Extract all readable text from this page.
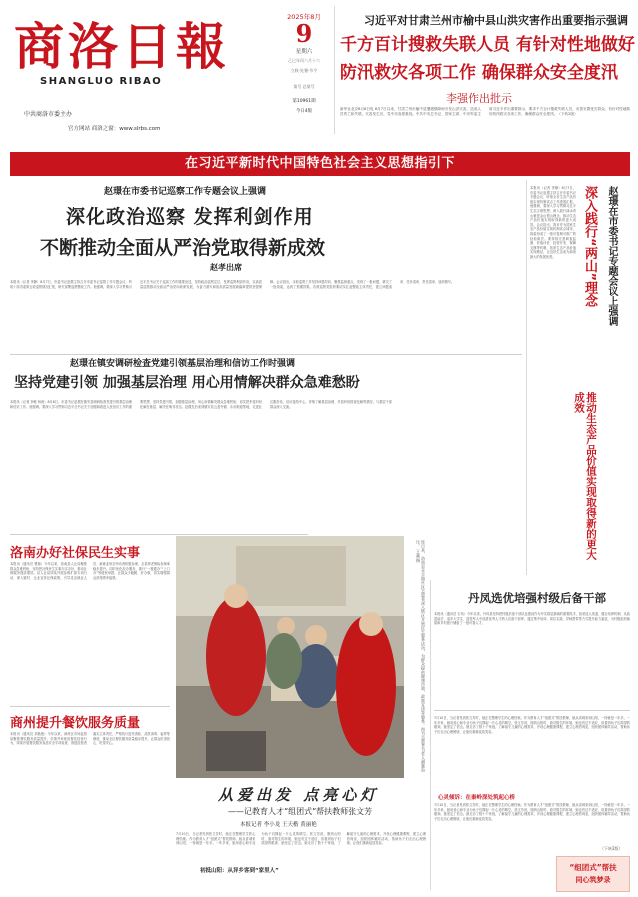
商洛日報
SHANGLUO RIBAO
中共商洛市委主办
官方网站 商洛之窗：www.slrbs.com
2025年8月
9
星期六
乙巳年闰六月十六
立秋·处暑·节令
第号 总第号
第10961期
今日4版
习近平对甘肃兰州市榆中县山洪灾害作出重要指示强调
千方百计搜救失联人员 有针对性地做好
防汛救灾各项工作 确保群众安全度汛
李强作出批示
新华社北京8月8日电 8月7日以来，甘肃兰州市榆中县遭遇强降雨引发山洪灾害，造成人员伤亡和失联。灾害发生后，党中央高度重视。中共中央总书记、国家主席、中央军委主席习近平作出重要指示，要求千方百计搜救失联人员，妥善安置受灾群众，有针对性地做好防汛救灾各项工作，确保群众安全度汛。（下转2版）
在习近平新时代中国特色社会主义思想指引下
赵璟在市委书记巡察工作专题会议上强调
深化政治巡察 发挥利剑作用
不断推动全面从严治党取得新成效
赵孝出席
本报讯（记者 李静）8月7日，市委书记赵璟主持召开市委书记巡察工作专题会议，听取十届市委第五轮巡察情况汇报，研究部署巡察整改工作。他强调，要深入学习贯彻习近平总书记关于巡视工作的重要论述，坚持政治巡察定位，发挥巡察利剑作用，以高质量巡察推动全面从严治党向纵深发展，为奋力谱写商洛高质量发展新篇章提供坚强保障。会议指出，本轮巡察工作坚持问题导向，聚焦监督重点，发现了一批问题，移交了一批线索，达到了预期效果。各被巡察党组织要切实扛起整改主体责任，建立问题清单、任务清单、责任清单，逐项销号。
赵璟在镇安调研检查党建引领基层治理和信访工作时强调
坚持党建引领 加强基层治理 用心用情解决群众急难愁盼
本报讯（记者 李敏 杨涛）8月8日，市委书记赵璟在镇安县调研检查党建引领基层治理和信访工作。他强调，要深入学习贯彻习近平总书记关于加强和改进人民信访工作的重要思想，坚持党建引领，加强基层治理，用心用情解决群众急难愁盼，切实把矛盾纠纷化解在基层、解决在萌芽状态。赵璟先后来到镇安县云盖寺镇、永乐街道等地，走进社区服务站、信访接待中心，详细了解基层治理、矛盾纠纷排查化解等情况，与基层干部群众深入交流。
本报讯（记者 李静）8月7日，市委书记赵璟主持召开市委书记专题会议，听取全市生态产品价值实现机制试点工作进展汇报。他强调，要深入学习贯彻习近平生态文明思想，深入践行绿水青山就是金山银山理念，推动生态产品价值实现取得新的更大成效。会议指出，我市作为国家生态产品价值实现机制试点城市，探索形成了一批可复制可推广的经验做法。要持续完善调查监测、价值评价、经营开发、保障支撑等机制，拓宽生态产品价值实现路径，让良好生态成为商洛最大的发展优势。	深入践行“两山”理念
推动生态产品价值实现取得新的更大成效
赵璟在市委书记专题会议上强调
洛南办好社保民生实事
本报讯（通讯员 曹瑞）今年以来，洛南县人社局聚焦群众急难愁盼，坚持把社保民生实事办实办好，推动社保服务提质增效。县人社局持续开展参保扩面专项行动，深入镇村、企业宣传社保政策，引导灵活就业人员、新就业形态劳动者积极参保，全县养老保险参保率稳步提升。同时优化经办服务，推行“一窗通办”“上门办”等便民举措，让群众少跑腿、好办事，切实增强群众获得感幸福感。
商州提升餐饮服务质量
本报讯（通讯员 刘艳艳）今年以来，商州区市场监管局聚焦餐饮服务质量提升，多措并举规范餐饮经营行为，持续开展餐饮服务食品安全专项检查，督促经营者落实主体责任，严格执行进货查验、清洗消毒、留样等制度，推动全区餐饮服务质量稳步提升，让群众吃得放心、吃得安心。	连日来，洛南县永丰镇社区志愿者深入辖区开展民生服务活动，为群众提供健康咨询、政策宣讲等服务。图为志愿者为老人测量血压。 王鑫 摄
丹凤选优培强村级后备干部
本报讯（通讯员 石凤）今年以来，丹凤县坚持把村级后备干部队伍建设作为夯实基层基础的重要抓手，拓宽选人渠道，健全培养机制，从致富能手、返乡大学生、退役军人中选拔优秀人才纳入后备干部库，通过集中培训、岗位实践、导师帮带等方式提升能力素质，为村级组织换届和乡村振兴储备了一批可靠人才。
从爱出发 点亮心灯
——记教育人才“组团式”帮扶教师张文芳
本报记者 李小龙 王天楷 黄丽艳
7月10日，当记者见到张文芳时，她正在整理学生的心理档案。作为教育人才“组团式”帮扶教师，她从省城来到山阳，一待就是一年多。一年多来，她用爱心和专业为孩子们撑起一片心灵的晴空。张文芳说，刚到山阳时，面对陌生的环境，她也有过不适应，但看到孩子们渴望的眼神，她坚定了信念。她走访了数十个家庭，了解留守儿童的心理需求，开设心理健康课程，建立心理咨询室，组织团体辅导活动，帮助孩子们走出心理困境，让他们重新绽放笑容。
初抵山阳：从异乡客到“家里人”
7月10日，当记者见到张文芳时，她正在整理学生的心理档案。作为教育人才“组团式”帮扶教师，她从省城来到山阳，一待就是一年多。一年多来，她用爱心和专业为孩子们撑起一片心灵的晴空。张文芳说，刚到山阳时，面对陌生的环境，她也有过不适应，但看到孩子们渴望的眼神，她坚定了信念。她走访了数十个家庭，了解留守儿童的心理需求，开设心理健康课程，建立心理咨询室，组织团体辅导活动，帮助孩子们走出心理困境，让他们重新绽放笑容。
心灵倾诉：在秦岭深处筑起心桥
7月10日，当记者见到张文芳时，她正在整理学生的心理档案。作为教育人才“组团式”帮扶教师，她从省城来到山阳，一待就是一年多。一年多来，她用爱心和专业为孩子们撑起一片心灵的晴空。张文芳说，刚到山阳时，面对陌生的环境，她也有过不适应，但看到孩子们渴望的眼神，她坚定了信念。她走访了数十个家庭，了解留守儿童的心理需求，开设心理健康课程，建立心理咨询室，组织团体辅导活动，帮助孩子们走出心理困境，让他们重新绽放笑容。
（下转2版）
“组团式”帮扶
同心筑梦录
